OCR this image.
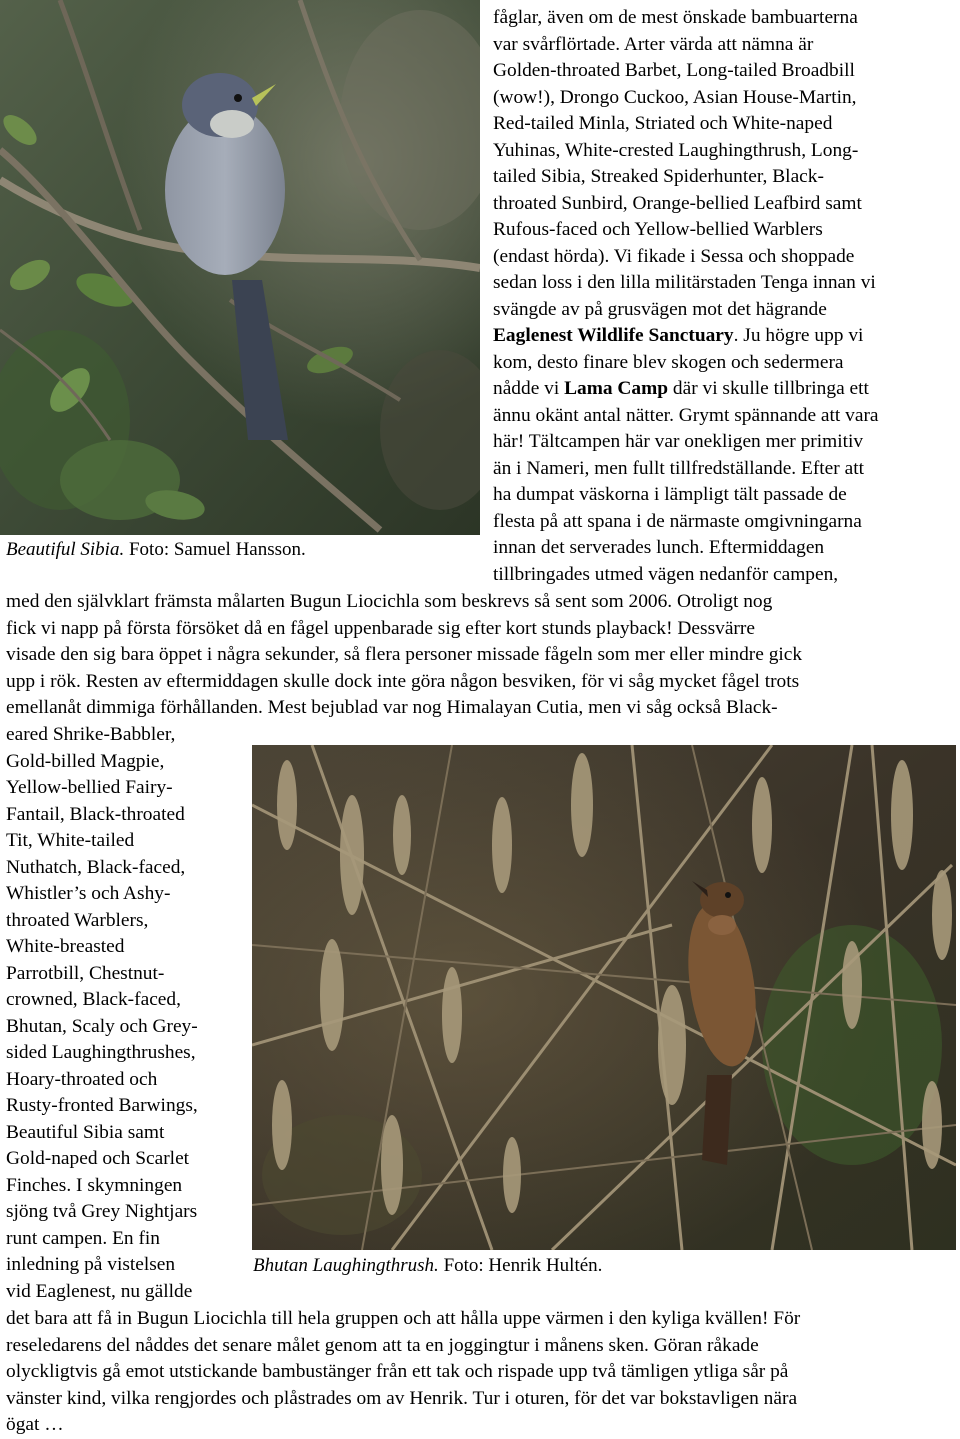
fåglar, även om de mest önskade bambuarterna
var svårflörtade. Arter värda att nämna är
Golden-throated Barbet, Long-tailed Broadbill
(wow!), Drongo Cuckoo, Asian House-Martin,
Red-tailed Minla, Striated och White-naped
Yuhinas, White-crested Laughingthrush, Long-
tailed Sibia, Streaked Spiderhunter, Black-
throated Sunbird, Orange-bellied Leafbird samt
Rufous-faced och Yellow-bellied Warblers
(endast hörda). Vi fikade i Sessa och shoppade
sedan loss i den lilla militärstaden Tenga innan vi
svängde av på grusvägen mot det hägrande
Eaglenest Wildlife Sanctuary. Ju högre upp vi
kom, desto finare blev skogen och sedermera
nådde vi Lama Camp där vi skulle tillbringa ett
ännu okänt antal nätter. Grymt spännande att vara
här! Tältcampen här var onekligen mer primitiv
än i Nameri, men fullt tillfredställande. Efter att
ha dumpat väskorna i lämpligt tält passade de
flesta på att spana i de närmaste omgivningarna
innan det serverades lunch. Eftermiddagen
tillbringades utmed vägen nedanför campen,
Beautiful Sibia. Foto: Samuel Hansson.
med den självklart främsta målarten Bugun Liocichla som beskrevs så sent som 2006. Otroligt nog
fick vi napp på första försöket då en fågel uppenbarade sig efter kort stunds playback! Dessvärre
visade den sig bara öppet i några sekunder, så flera personer missade fågeln som mer eller mindre gick
upp i rök. Resten av eftermiddagen skulle dock inte göra någon besviken, för vi såg mycket fågel trots
emellanåt dimmiga förhållanden. Mest bejublad var nog Himalayan Cutia, men vi såg också Black-
eared Shrike-Babbler,
Gold-billed Magpie,
Yellow-bellied Fairy-
Fantail, Black-throated
Tit, White-tailed
Nuthatch, Black-faced,
Whistler’s och Ashy-
throated Warblers,
White-breasted
Parrotbill, Chestnut-
crowned, Black-faced,
Bhutan, Scaly och Grey-
sided Laughingthrushes,
Hoary-throated och
Rusty-fronted Barwings,
Beautiful Sibia samt
Gold-naped och Scarlet
Finches. I skymningen
sjöng två Grey Nightjars
runt campen. En fin
inledning på vistelsen
vid Eaglenest, nu gällde
Bhutan Laughingthrush. Foto: Henrik Hultén.
det bara att få in Bugun Liocichla till hela gruppen och att hålla uppe värmen i den kyliga kvällen! För
reseledarens del nåddes det senare målet genom att ta en joggingtur i månens sken. Göran råkade
olyckligtvis gå emot utstickande bambustänger från ett tak och rispade upp två tämligen ytliga sår på
vänster kind, vilka rengjordes och plåstrades om av Henrik. Tur i oturen, för det var bokstavligen nära
ögat …
